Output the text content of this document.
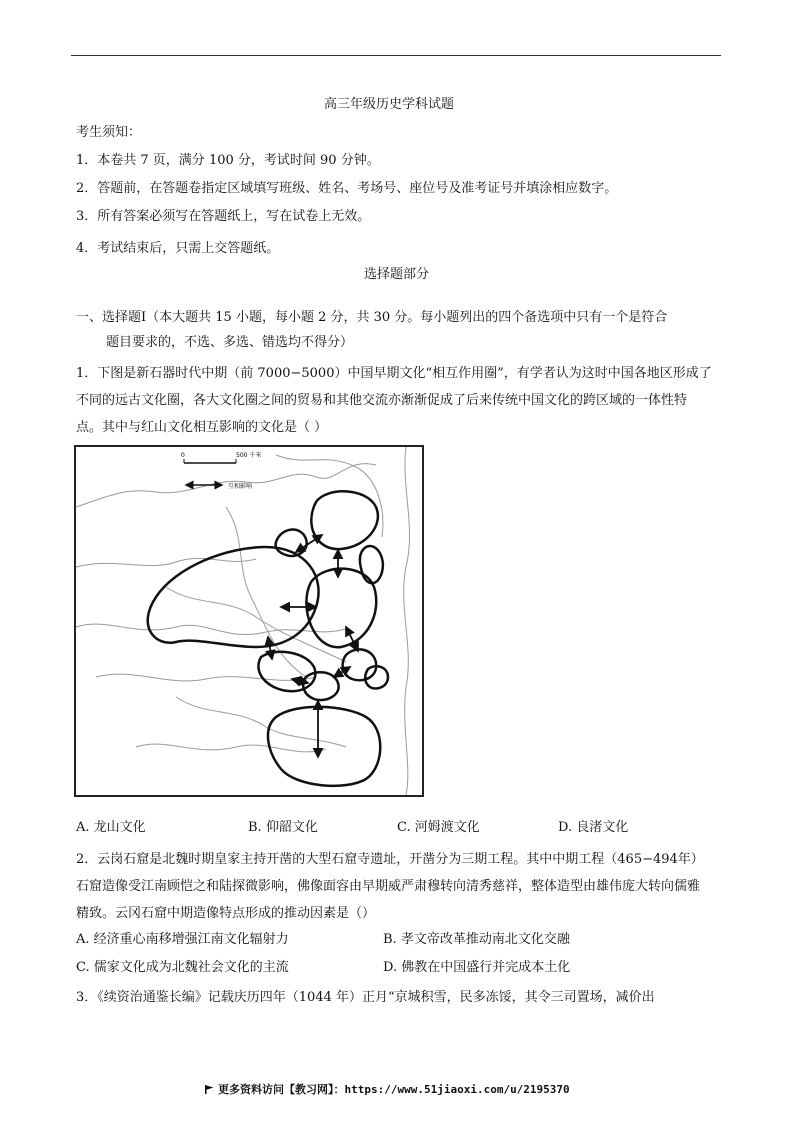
高三年级历史学科试题
考生须知：
1．本卷共 7 页，满分 100 分，考试时间 90 分钟。
2．答题前，在答题卷指定区域填写班级、姓名、考场号、座位号及准考证号并填涂相应数字。
3．所有答案必须写在答题纸上，写在试卷上无效。
4．考试结束后，只需上交答题纸。
选择题部分
一、选择题Ⅰ（本大题共 15 小题，每小题 2 分，共 30 分。每小题列出的四个备选项中只有一个是符合
题目要求的，不选、多选、错选均不得分）
1．下图是新石器时代中期（前 7000−5000）中国早期文化“相互作用圈”，有学者认为这时中国各地区形成了不同的远古文化圈，各大文化圈之间的贸易和其他交流亦渐渐促成了后来传统中国文化的跨区域的一体性特点。其中与红山文化相互影响的文化是（ ）
0	500 千米
互相影响
A. 龙山文化	B. 仰韶文化	C. 河姆渡文化	D. 良渚文化
2．云岗石窟是北魏时期皇家主持开凿的大型石窟寺遗址，开凿分为三期工程。其中中期工程（465−494年）石窟造像受江南顾恺之和陆探微影响，佛像面容由早期威严肃穆转向清秀慈祥，整体造型由雄伟庞大转向儒雅精致。云冈石窟中期造像特点形成的推动因素是（）
A. 经济重心南移增强江南文化辐射力	B. 孝文帝改革推动南北文化交融
C. 儒家文化成为北魏社会文化的主流	D. 佛教在中国盛行并完成本土化
3．《续资治通鉴长编》记载庆历四年（1044 年）正月“京城积雪，民多冻馁，其令三司置场，减价出
更多资料访问【教习网】：https://www.51jiaoxi.com/u/2195370
